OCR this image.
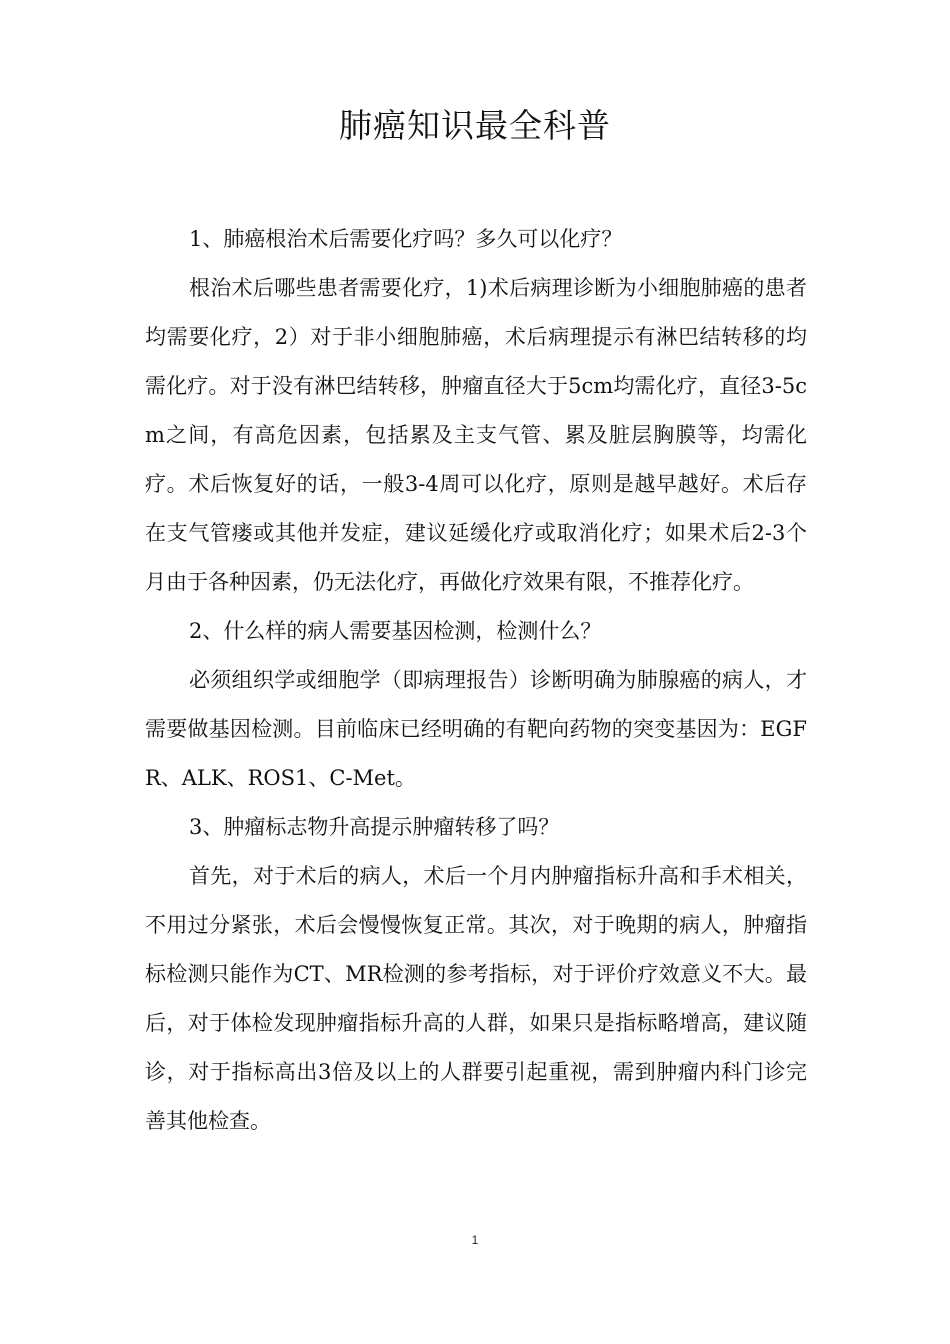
肺癌知识最全科普

1、肺癌根治术后需要化疗吗？多久可以化疗？

根治术后哪些患者需要化疗，1)术后病理诊断为小细胞肺癌的患者均需要化疗，2）对于非小细胞肺癌，术后病理提示有淋巴结转移的均需化疗。对于没有淋巴结转移，肿瘤直径大于5cm均需化疗，直径3-5cm之间，有高危因素，包括累及主支气管、累及脏层胸膜等，均需化疗。术后恢复好的话，一般3-4周可以化疗，原则是越早越好。术后存在支气管瘘或其他并发症，建议延缓化疗或取消化疗；如果术后2-3个月由于各种因素，仍无法化疗，再做化疗效果有限，不推荐化疗。

2、什么样的病人需要基因检测，检测什么？

必须组织学或细胞学（即病理报告）诊断明确为肺腺癌的病人，才需要做基因检测。目前临床已经明确的有靶向药物的突变基因为：EGFR、ALK、ROS1、C-Met。

3、肿瘤标志物升高提示肿瘤转移了吗？

首先，对于术后的病人，术后一个月内肿瘤指标升高和手术相关，不用过分紧张，术后会慢慢恢复正常。其次，对于晚期的病人，肿瘤指标检测只能作为CT、MR检测的参考指标，对于评价疗效意义不大。最后，对于体检发现肿瘤指标升高的人群，如果只是指标略增高，建议随诊，对于指标高出3倍及以上的人群要引起重视，需到肿瘤内科门诊完善其他检查。

1
